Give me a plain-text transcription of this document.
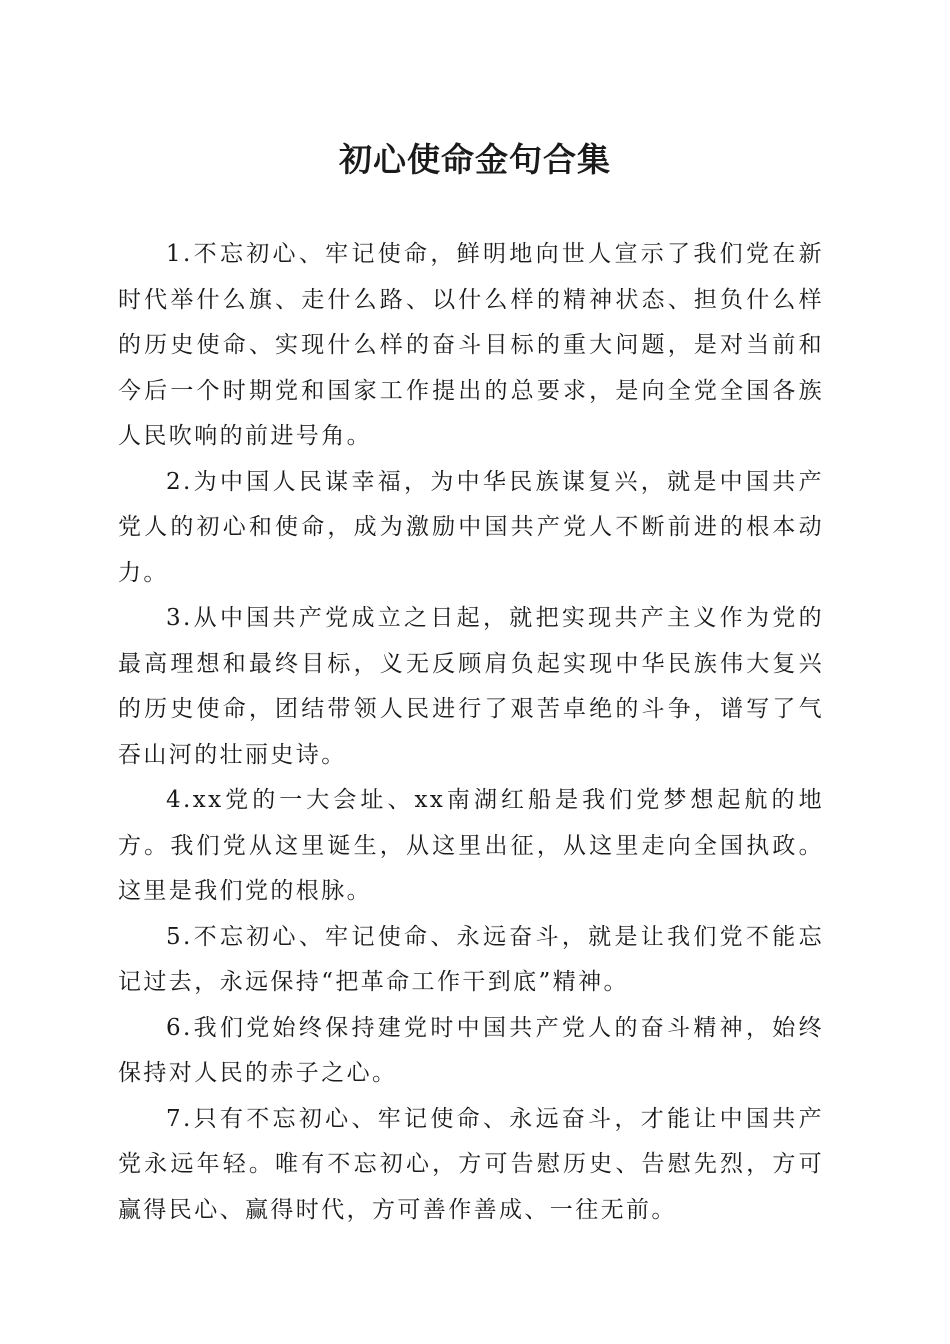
初心使命金句合集

1.不忘初心、牢记使命，鲜明地向世人宣示了我们党在新时代举什么旗、走什么路、以什么样的精神状态、担负什么样的历史使命、实现什么样的奋斗目标的重大问题，是对当前和今后一个时期党和国家工作提出的总要求，是向全党全国各族人民吹响的前进号角。

2.为中国人民谋幸福，为中华民族谋复兴，就是中国共产党人的初心和使命，成为激励中国共产党人不断前进的根本动力。

3.从中国共产党成立之日起，就把实现共产主义作为党的最高理想和最终目标，义无反顾肩负起实现中华民族伟大复兴的历史使命，团结带领人民进行了艰苦卓绝的斗争，谱写了气吞山河的壮丽史诗。

4.xx党的一大会址、xx南湖红船是我们党梦想起航的地方。我们党从这里诞生，从这里出征，从这里走向全国执政。这里是我们党的根脉。

5.不忘初心、牢记使命、永远奋斗，就是让我们党不能忘记过去，永远保持“把革命工作干到底”精神。

6.我们党始终保持建党时中国共产党人的奋斗精神，始终保持对人民的赤子之心。

7.只有不忘初心、牢记使命、永远奋斗，才能让中国共产党永远年轻。唯有不忘初心，方可告慰历史、告慰先烈，方可赢得民心、赢得时代，方可善作善成、一往无前。
